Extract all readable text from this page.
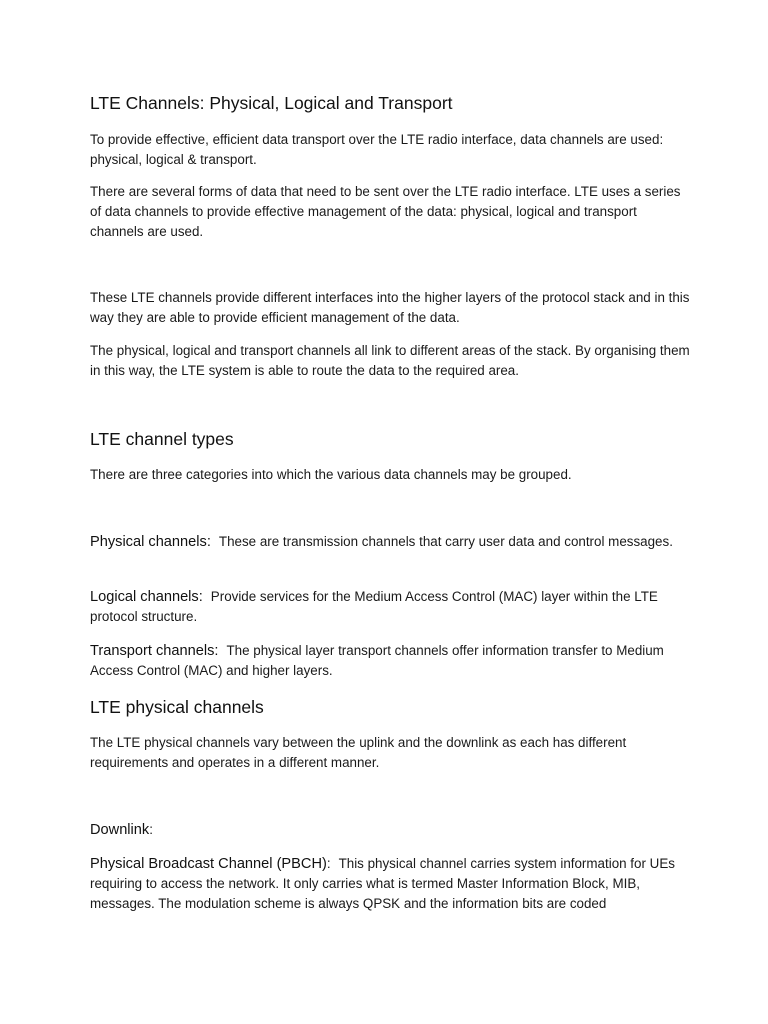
LTE Channels: Physical, Logical and Transport

To provide effective, efficient data transport over the LTE radio interface, data channels are used: physical, logical & transport.

There are several forms of data that need to be sent over the LTE radio interface. LTE uses a series of data channels to provide effective management of the data: physical, logical and transport channels are used.

These LTE channels provide different interfaces into the higher layers of the protocol stack and in this way they are able to provide efficient management of the data.

The physical, logical and transport channels all link to different areas of the stack. By organising them in this way, the LTE system is able to route the data to the required area.

LTE channel types

There are three categories into which the various data channels may be grouped.

Physical channels: These are transmission channels that carry user data and control messages.

Logical channels: Provide services for the Medium Access Control (MAC) layer within the LTE protocol structure.

Transport channels: The physical layer transport channels offer information transfer to Medium Access Control (MAC) and higher layers.

LTE physical channels

The LTE physical channels vary between the uplink and the downlink as each has different requirements and operates in a different manner.

Downlink:

Physical Broadcast Channel (PBCH): This physical channel carries system information for UEs requiring to access the network. It only carries what is termed Master Information Block, MIB, messages. The modulation scheme is always QPSK and the information bits are coded
